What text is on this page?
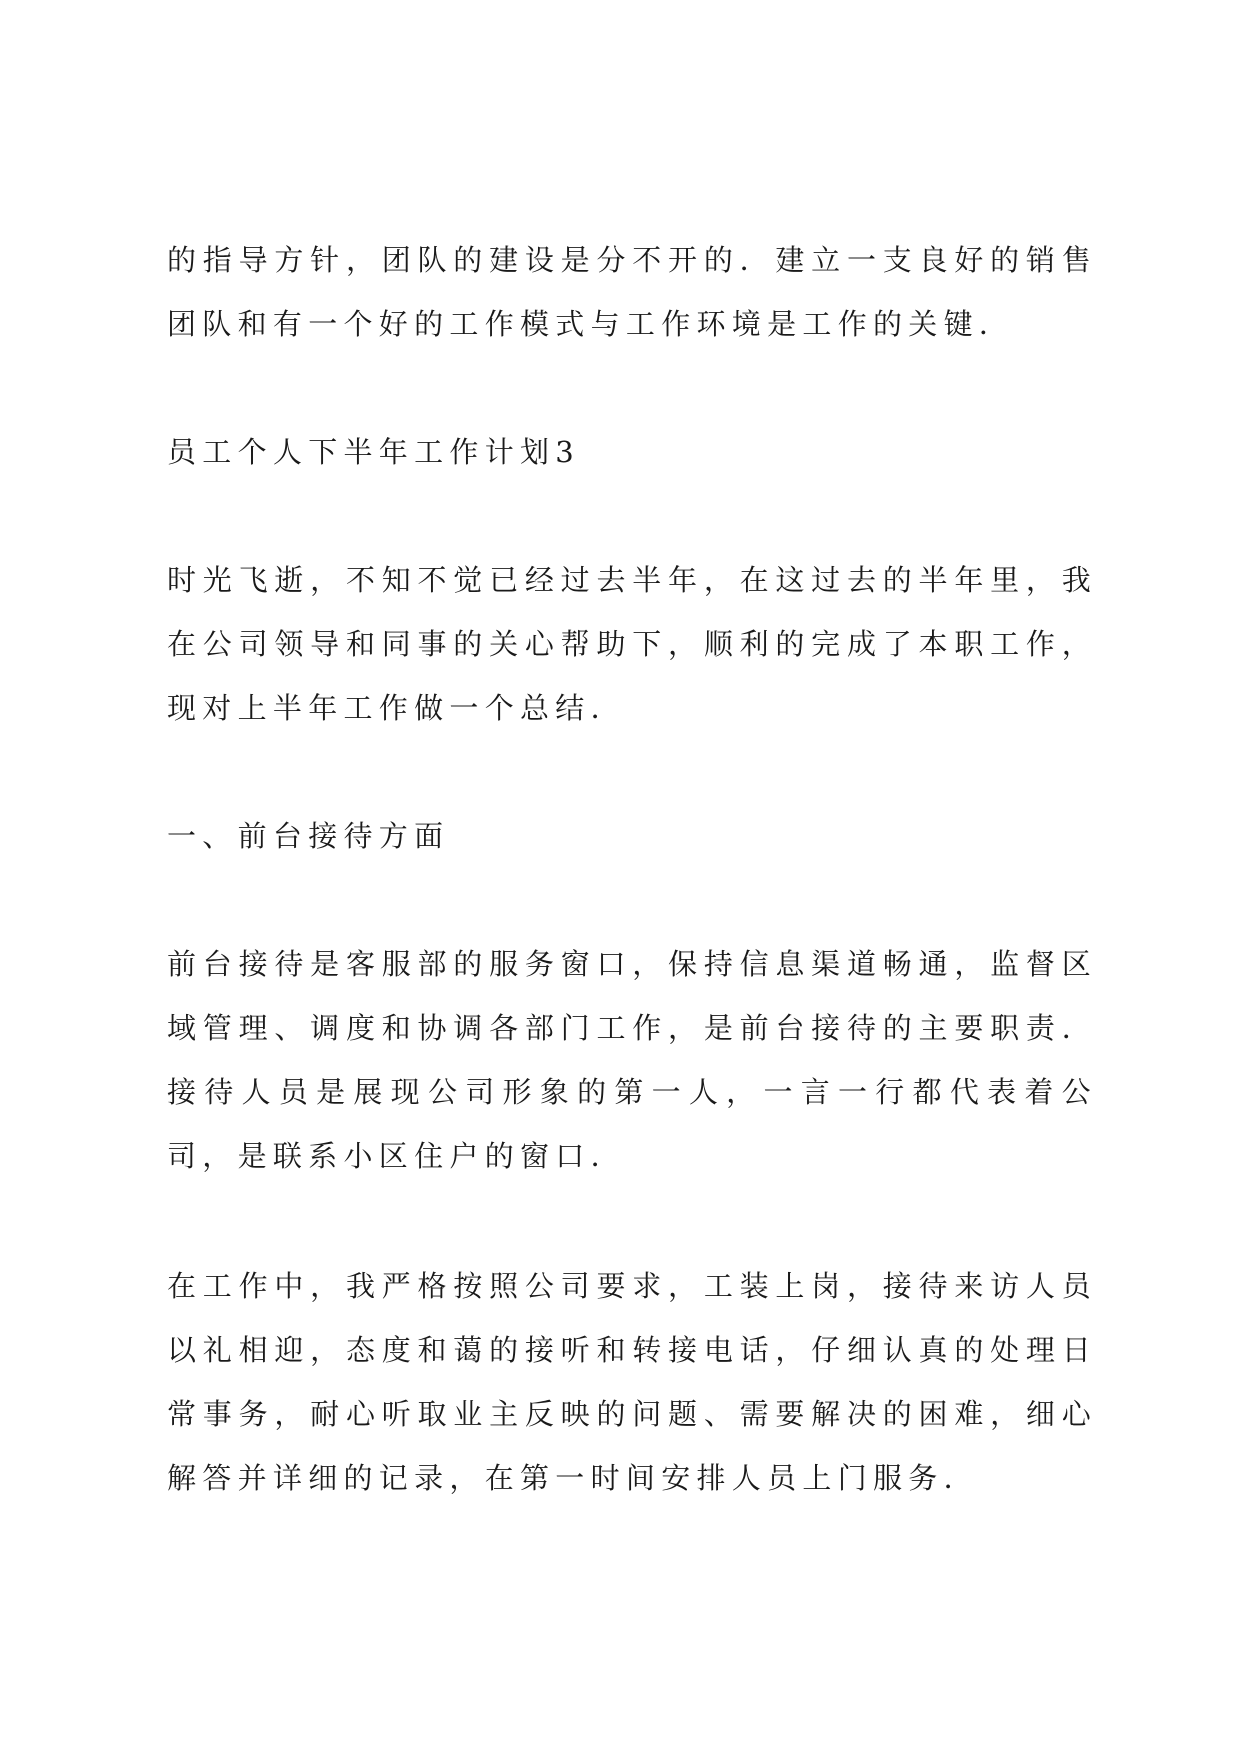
的指导方针，团队的建设是分不开的．建立一支良好的销售团队和有一个好的工作模式与工作环境是工作的关键．

员工个人下半年工作计划3

时光飞逝，不知不觉已经过去半年，在这过去的半年里，我在公司领导和同事的关心帮助下，顺利的完成了本职工作，现对上半年工作做一个总结．

一、前台接待方面

前台接待是客服部的服务窗口，保持信息渠道畅通，监督区域管理、调度和协调各部门工作，是前台接待的主要职责．接待人员是展现公司形象的第一人，一言一行都代表着公司，是联系小区住户的窗口．

在工作中，我严格按照公司要求，工装上岗，接待来访人员以礼相迎，态度和蔼的接听和转接电话，仔细认真的处理日常事务，耐心听取业主反映的问题、需要解决的困难，细心解答并详细的记录，在第一时间安排人员上门服务．
